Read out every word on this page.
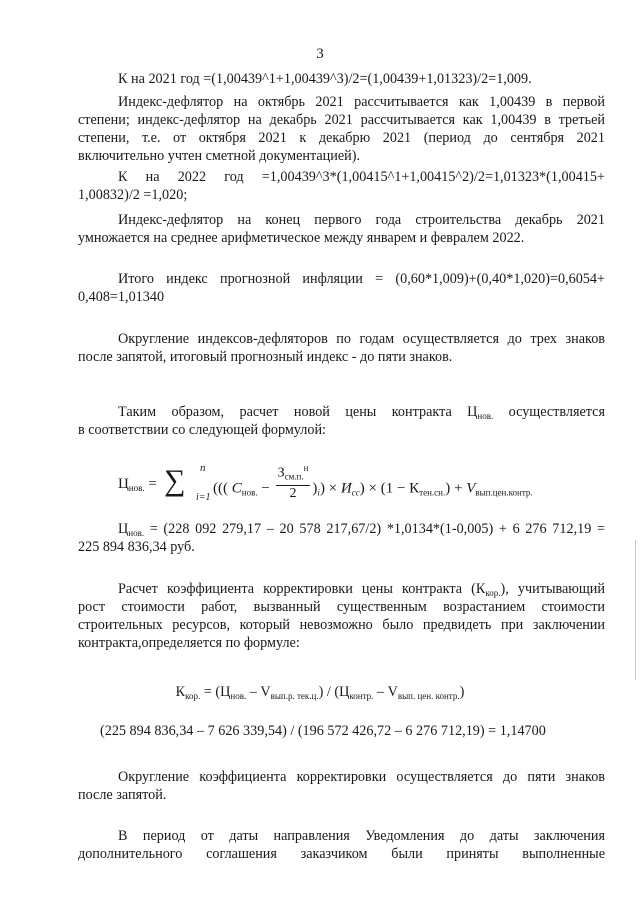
3
К на 2021 год =(1,00439^1+1,00439^3)/2=(1,00439+1,01323)/2=1,009.
Индекс-дефлятор на октябрь 2021 рассчитывается как 1,00439 в первой
степени; индекс-дефлятор на декабрь 2021 рассчитывается как 1,00439 в третьей
степени, т.е. от октября 2021 к декабрю 2021 (период до сентября 2021
включительно учтен сметной документацией).
К на 2022 год =1,00439^3*(1,00415^1+1,00415^2)/2=1,01323*(1,00415+
1,00832)/2 =1,020;
Индекс-дефлятор на конец первого года строительства декабрь 2021
умножается на среднее арифметическое между январем и февралем 2022.
Итого индекс прогнозной инфляции = (0,60*1,009)+(0,40*1,020)=0,6054+
0,408=1,01340
Округление индексов-дефляторов по годам осуществляется до трех знаков
после запятой, итоговый прогнозный индекс - до пяти знаков.
Таким образом, расчет новой цены контракта $Ц_{нов.}$ осуществляется
в соответствии со следующей формулой:
$Ц_{нов.}$ = ∑ n
i=1
((( $C_{нов.} - \frac{З_{см.п.}^н}{2} )_i) \times И_{сс}) \times (1 - К_{тен.сн.}) + V_{вып.цен.контр.}$
$Ц_{нов.} = (228$ 092 279,17 – 20 578 217,67/2) *1,0134*(1-0,005) + 6 276 712,19 =
225 894 836,34 руб.
Расчет коэффициента корректировки цены контракта $(К_{кор.})$, учитывающий
рост стоимости работ, вызванный существенным возрастанием стоимости
строительных ресурсов, который невозможно было предвидеть при заключении
контракта,определяется по формуле:
$К_{кор.} = (Ц_{нов.} - V_{вып.р. тек.ц.}) / (Ц_{контр.} - V_{вып. цен. контр.})$
(225 894 836,34 – 7 626 339,54) / (196 572 426,72 – 6 276 712,19) = 1,14700
Округление коэффициента корректировки осуществляется до пяти знаков
после запятой.
В период от даты направления Уведомления до даты заключения
дополнительного соглашения заказчиком были приняты выполненные
